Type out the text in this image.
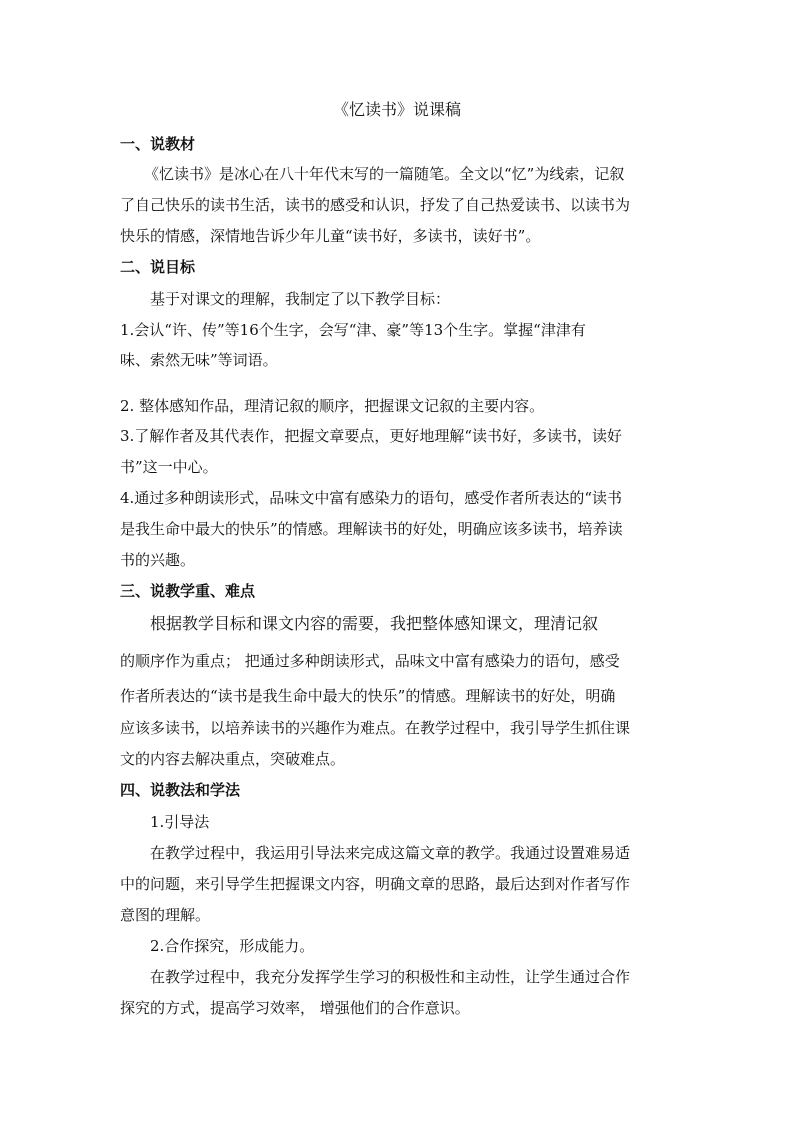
《忆读书》说课稿
一、说教材
《忆读书》是冰心在八十年代末写的一篇随笔。全文以“忆”为线索，记叙
了自己快乐的读书生活，读书的感受和认识，抒发了自己热爱读书、以读书为
快乐的情感，深情地告诉少年儿童“读书好，多读书，读好书”。
二、说目标
基于对课文的理解，我制定了以下教学目标：
1.会认“许、传”等16个生字，会写“津、豪”等13个生字。掌握“津津有
味、索然无味”等词语。
2. 整体感知作品，理清记叙的顺序，把握课文记叙的主要内容。
3.了解作者及其代表作，把握文章要点，更好地理解“读书好，多读书，读好
书”这一中心。
4.通过多种朗读形式，品味文中富有感染力的语句，感受作者所表达的“读书
是我生命中最大的快乐”的情感。理解读书的好处，明确应该多读书，培养读
书的兴趣。
三、说教学重、难点
根据教学目标和课文内容的需要，我把整体感知课文，理清记叙
的顺序作为重点； 把通过多种朗读形式，品味文中富有感染力的语句，感受
作者所表达的“读书是我生命中最大的快乐”的情感。理解读书的好处，明确
应该多读书，以培养读书的兴趣作为难点。在教学过程中，我引导学生抓住课
文的内容去解决重点，突破难点。
四、说教法和学法
1.引导法
在教学过程中，我运用引导法来完成这篇文章的教学。我通过设置难易适
中的问题，来引导学生把握课文内容，明确文章的思路，最后达到对作者写作
意图的理解。
2.合作探究，形成能力。
在教学过程中，我充分发挥学生学习的积极性和主动性，让学生通过合作
探究的方式，提高学习效率， 增强他们的合作意识。
